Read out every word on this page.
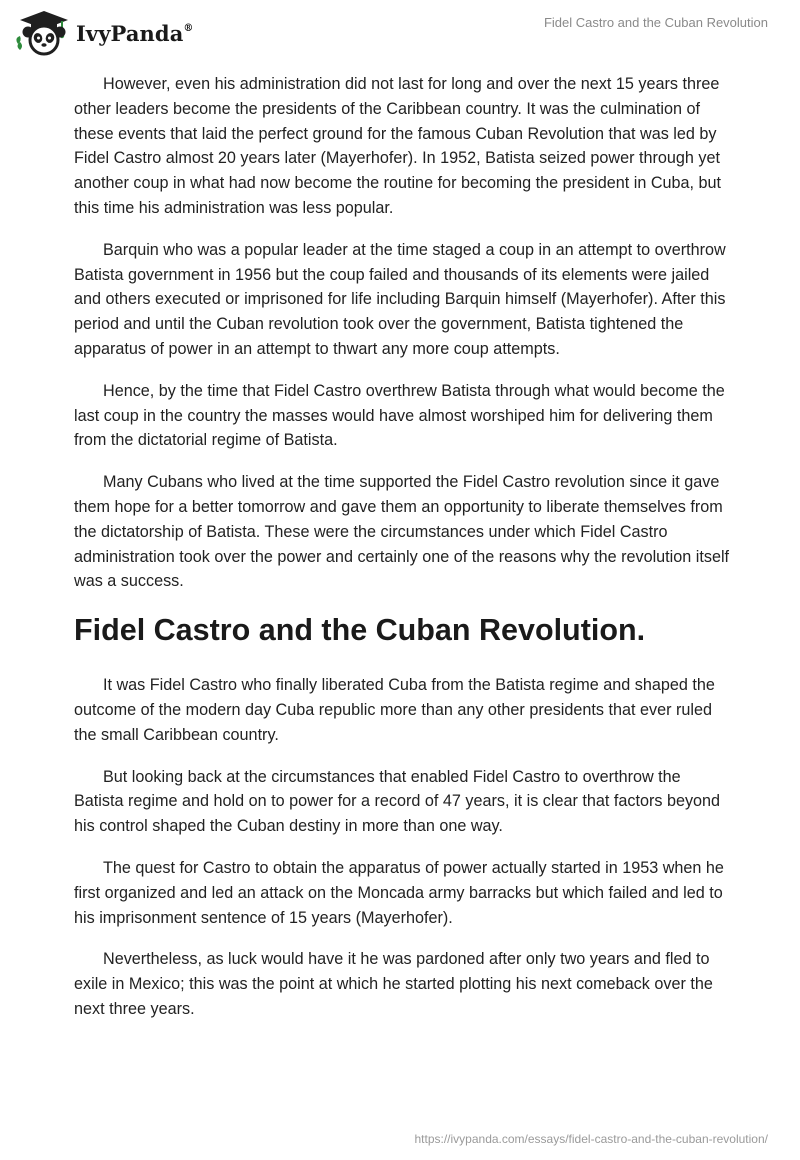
IvyPanda®	Fidel Castro and the Cuban Revolution

However, even his administration did not last for long and over the next 15 years three other leaders become the presidents of the Caribbean country. It was the culmination of these events that laid the perfect ground for the famous Cuban Revolution that was led by Fidel Castro almost 20 years later (Mayerhofer). In 1952, Batista seized power through yet another coup in what had now become the routine for becoming the president in Cuba, but this time his administration was less popular.

Barquin who was a popular leader at the time staged a coup in an attempt to overthrow Batista government in 1956 but the coup failed and thousands of its elements were jailed and others executed or imprisoned for life including Barquin himself (Mayerhofer). After this period and until the Cuban revolution took over the government, Batista tightened the apparatus of power in an attempt to thwart any more coup attempts.

Hence, by the time that Fidel Castro overthrew Batista through what would become the last coup in the country the masses would have almost worshiped him for delivering them from the dictatorial regime of Batista.

Many Cubans who lived at the time supported the Fidel Castro revolution since it gave them hope for a better tomorrow and gave them an opportunity to liberate themselves from the dictatorship of Batista. These were the circumstances under which Fidel Castro administration took over the power and certainly one of the reasons why the revolution itself was a success.

Fidel Castro and the Cuban Revolution.

It was Fidel Castro who finally liberated Cuba from the Batista regime and shaped the outcome of the modern day Cuba republic more than any other presidents that ever ruled the small Caribbean country.

But looking back at the circumstances that enabled Fidel Castro to overthrow the Batista regime and hold on to power for a record of 47 years, it is clear that factors beyond his control shaped the Cuban destiny in more than one way.

The quest for Castro to obtain the apparatus of power actually started in 1953 when he first organized and led an attack on the Moncada army barracks but which failed and led to his imprisonment sentence of 15 years (Mayerhofer).

Nevertheless, as luck would have it he was pardoned after only two years and fled to exile in Mexico; this was the point at which he started plotting his next comeback over the next three years.

https://ivypanda.com/essays/fidel-castro-and-the-cuban-revolution/
